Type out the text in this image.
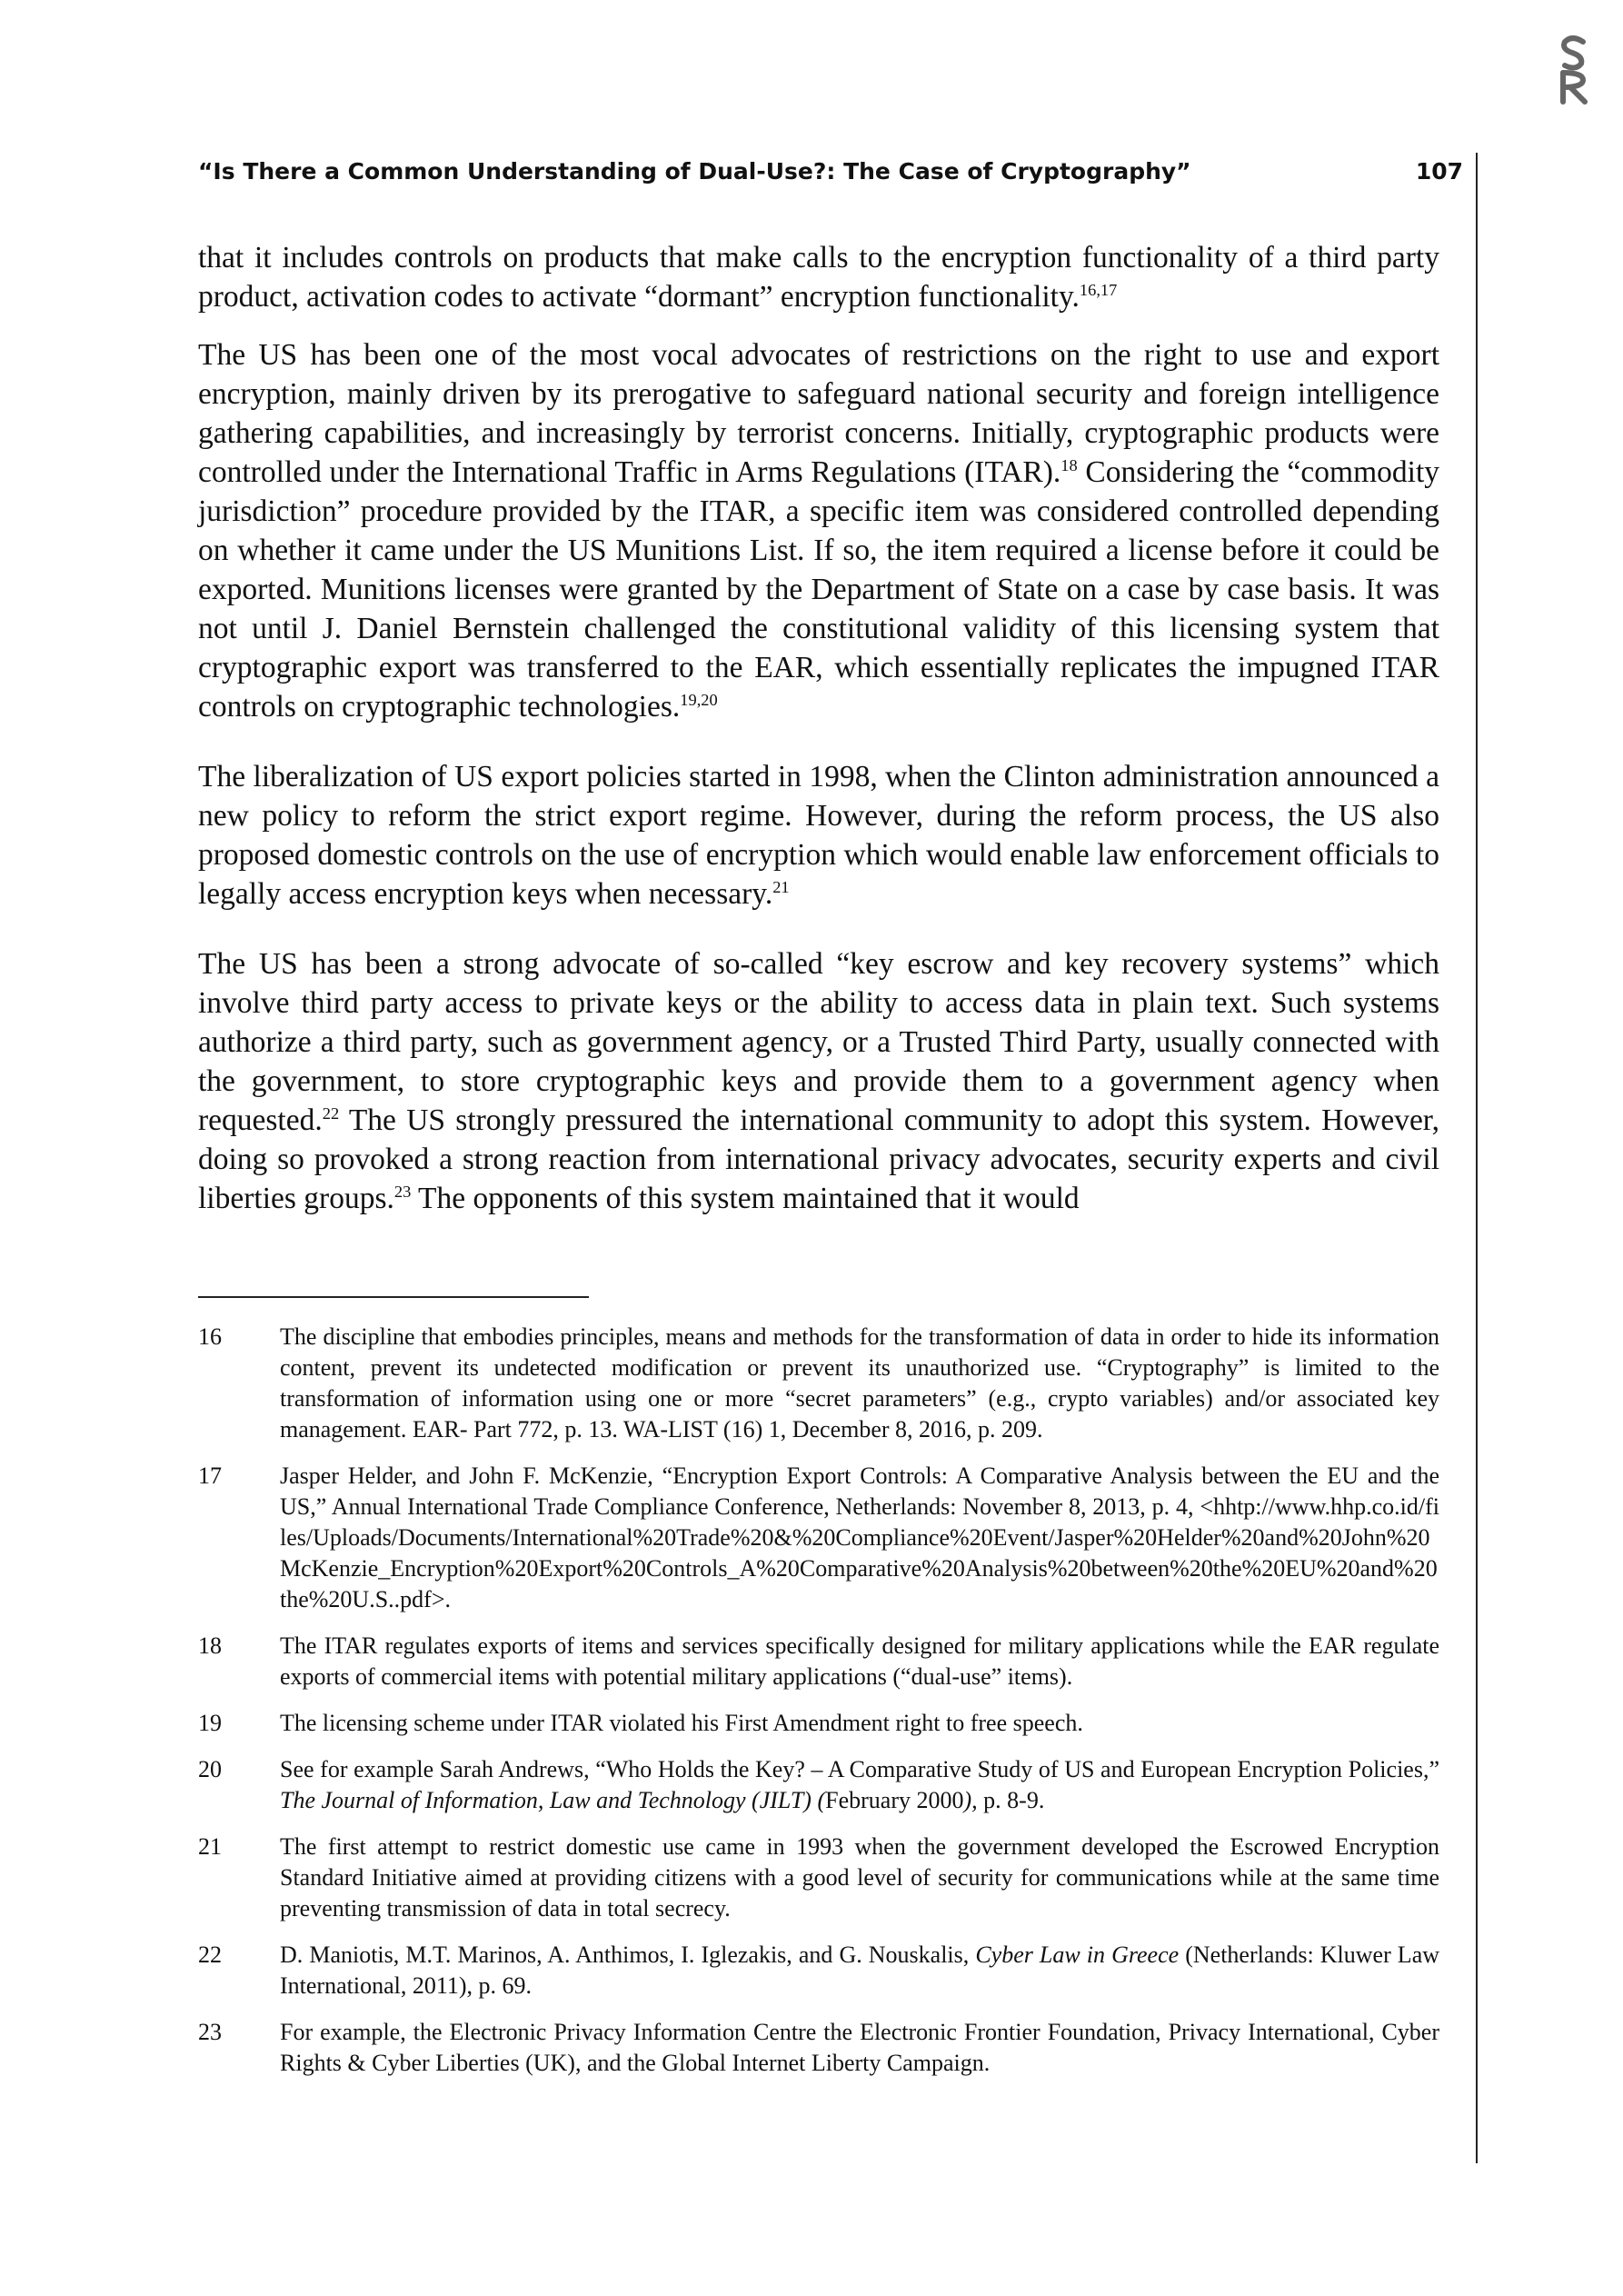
“Is There a Common Understanding of Dual-Use?: The Case of Cryptography”	107

that it includes controls on products that make calls to the encryption functionality of a third party product, activation codes to activate “dormant” encryption functionality.$^{16,17}$

The US has been one of the most vocal advocates of restrictions on the right to use and export encryption, mainly driven by its prerogative to safeguard national security and foreign intelligence gathering capabilities, and increasingly by terrorist concerns. Initially, cryptographic products were controlled under the International Traffic in Arms Regulations (ITAR).$^{18}$ Considering the “commodity jurisdiction” procedure provided by the ITAR, a specific item was considered controlled depending on whether it came under the US Munitions List. If so, the item required a license before it could be exported. Munitions licenses were granted by the Department of State on a case by case basis. It was not until J. Daniel Bernstein challenged the constitutional validity of this licensing system that cryptographic export was transferred to the EAR, which essentially replicates the impugned ITAR controls on cryptographic technologies.$^{19,20}$

The liberalization of US export policies started in 1998, when the Clinton administration announced a new policy to reform the strict export regime. However, during the reform process, the US also proposed domestic controls on the use of encryption which would enable law enforcement officials to legally access encryption keys when necessary.$^{21}$

The US has been a strong advocate of so-called “key escrow and key recovery systems” which involve third party access to private keys or the ability to access data in plain text. Such systems authorize a third party, such as government agency, or a Trusted Third Party, usually connected with the government, to store cryptographic keys and provide them to a government agency when requested.$^{22}$ The US strongly pressured the international community to adopt this system. However, doing so provoked a strong reaction from international privacy advocates, security experts and civil liberties groups.$^{23}$ The opponents of this system maintained that it would

16	The discipline that embodies principles, means and methods for the transformation of data in order to hide its information content, prevent its undetected modification or prevent its unauthorized use. “Cryptography” is limited to the transformation of information using one or more “secret parameters” (e.g., crypto variables) and/or associated key management. EAR- Part 772, p. 13. WA-LIST (16) 1, December 8, 2016, p. 209.
17	Jasper Helder, and John F. McKenzie, “Encryption Export Controls: A Comparative Analysis between the EU and the US,” Annual International Trade Compliance Conference, Netherlands: November 8, 2013, p. 4, <hhtp://www.hhp.co.id/files/Uploads/Documents/International%20Trade%20&%20Compliance%20Event/Jasper%20Helder%20and%20John%20McKenzie_Encryption%20Export%20Controls_A%20Comparative%20Analysis%20between%20the%20EU%20and%20the%20U.S..pdf>.
18	The ITAR regulates exports of items and services specifically designed for military applications while the EAR regulate exports of commercial items with potential military applications (“dual-use” items).
19	The licensing scheme under ITAR violated his First Amendment right to free speech.
20	See for example Sarah Andrews, “Who Holds the Key? – A Comparative Study of US and European Encryption Policies,” The Journal of Information, Law and Technology (JILT) (February 2000), p. 8-9.
21	The first attempt to restrict domestic use came in 1993 when the government developed the Escrowed Encryption Standard Initiative aimed at providing citizens with a good level of security for communications while at the same time preventing transmission of data in total secrecy.
22	D. Maniotis, M.T. Marinos, A. Anthimos, I. Iglezakis, and G. Nouskalis, Cyber Law in Greece (Netherlands: Kluwer Law International, 2011), p. 69.
23	For example, the Electronic Privacy Information Centre the Electronic Frontier Foundation, Privacy International, Cyber Rights & Cyber Liberties (UK), and the Global Internet Liberty Campaign.
